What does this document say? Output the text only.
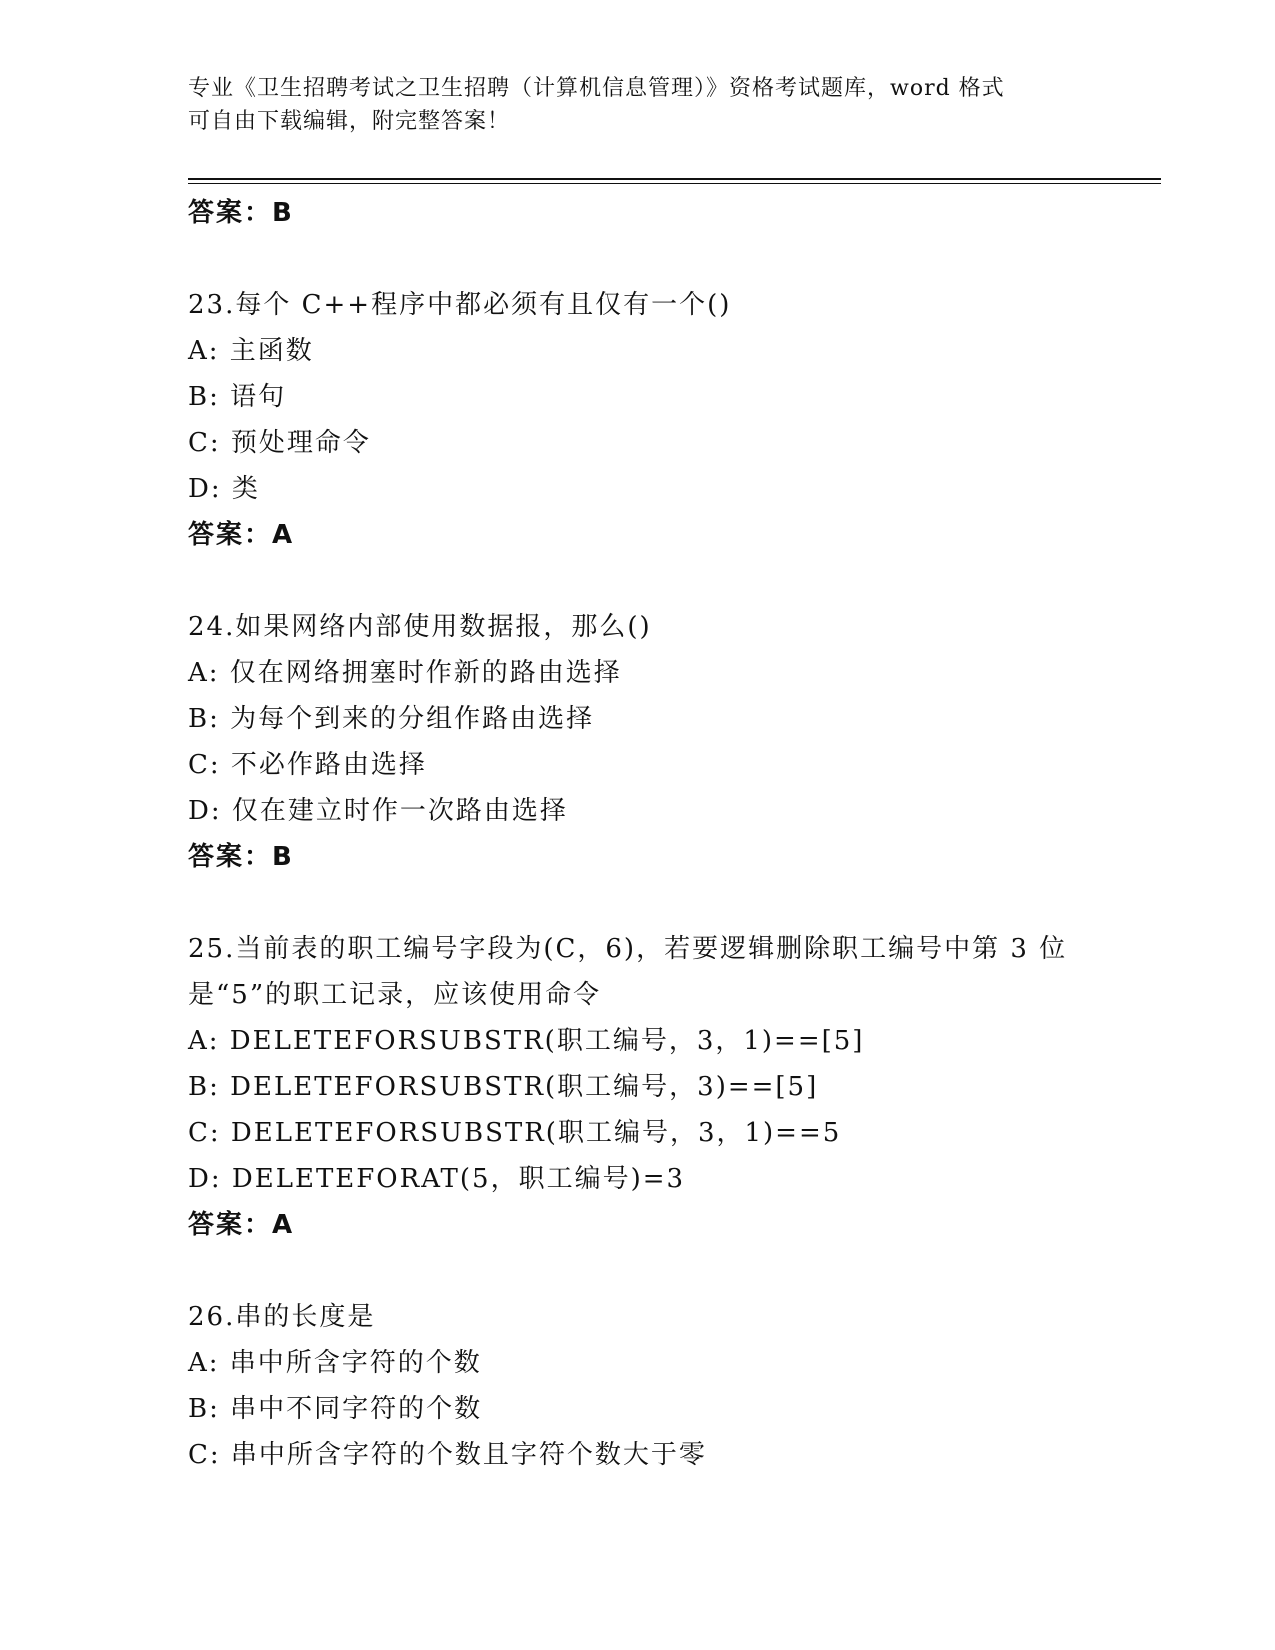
专业《卫生招聘考试之卫生招聘（计算机信息管理）》资格考试题库，word 格式
可自由下载编辑，附完整答案！
答案：B
23.每个 C++程序中都必须有且仅有一个()
A: 主函数
B: 语句
C: 预处理命令
D: 类
答案：A
24.如果网络内部使用数据报，那么()
A: 仅在网络拥塞时作新的路由选择
B: 为每个到来的分组作路由选择
C: 不必作路由选择
D: 仅在建立时作一次路由选择
答案：B
25.当前表的职工编号字段为(C，6)，若要逻辑删除职工编号中第 3 位
是“5”的职工记录，应该使用命令
A: DELETEFORSUBSTR(职工编号，3，1)==[5]
B: DELETEFORSUBSTR(职工编号，3)==[5]
C: DELETEFORSUBSTR(职工编号，3，1)==5
D: DELETEFORAT(5，职工编号)=3
答案：A
26.串的长度是
A: 串中所含字符的个数
B: 串中不同字符的个数
C: 串中所含字符的个数且字符个数大于零
